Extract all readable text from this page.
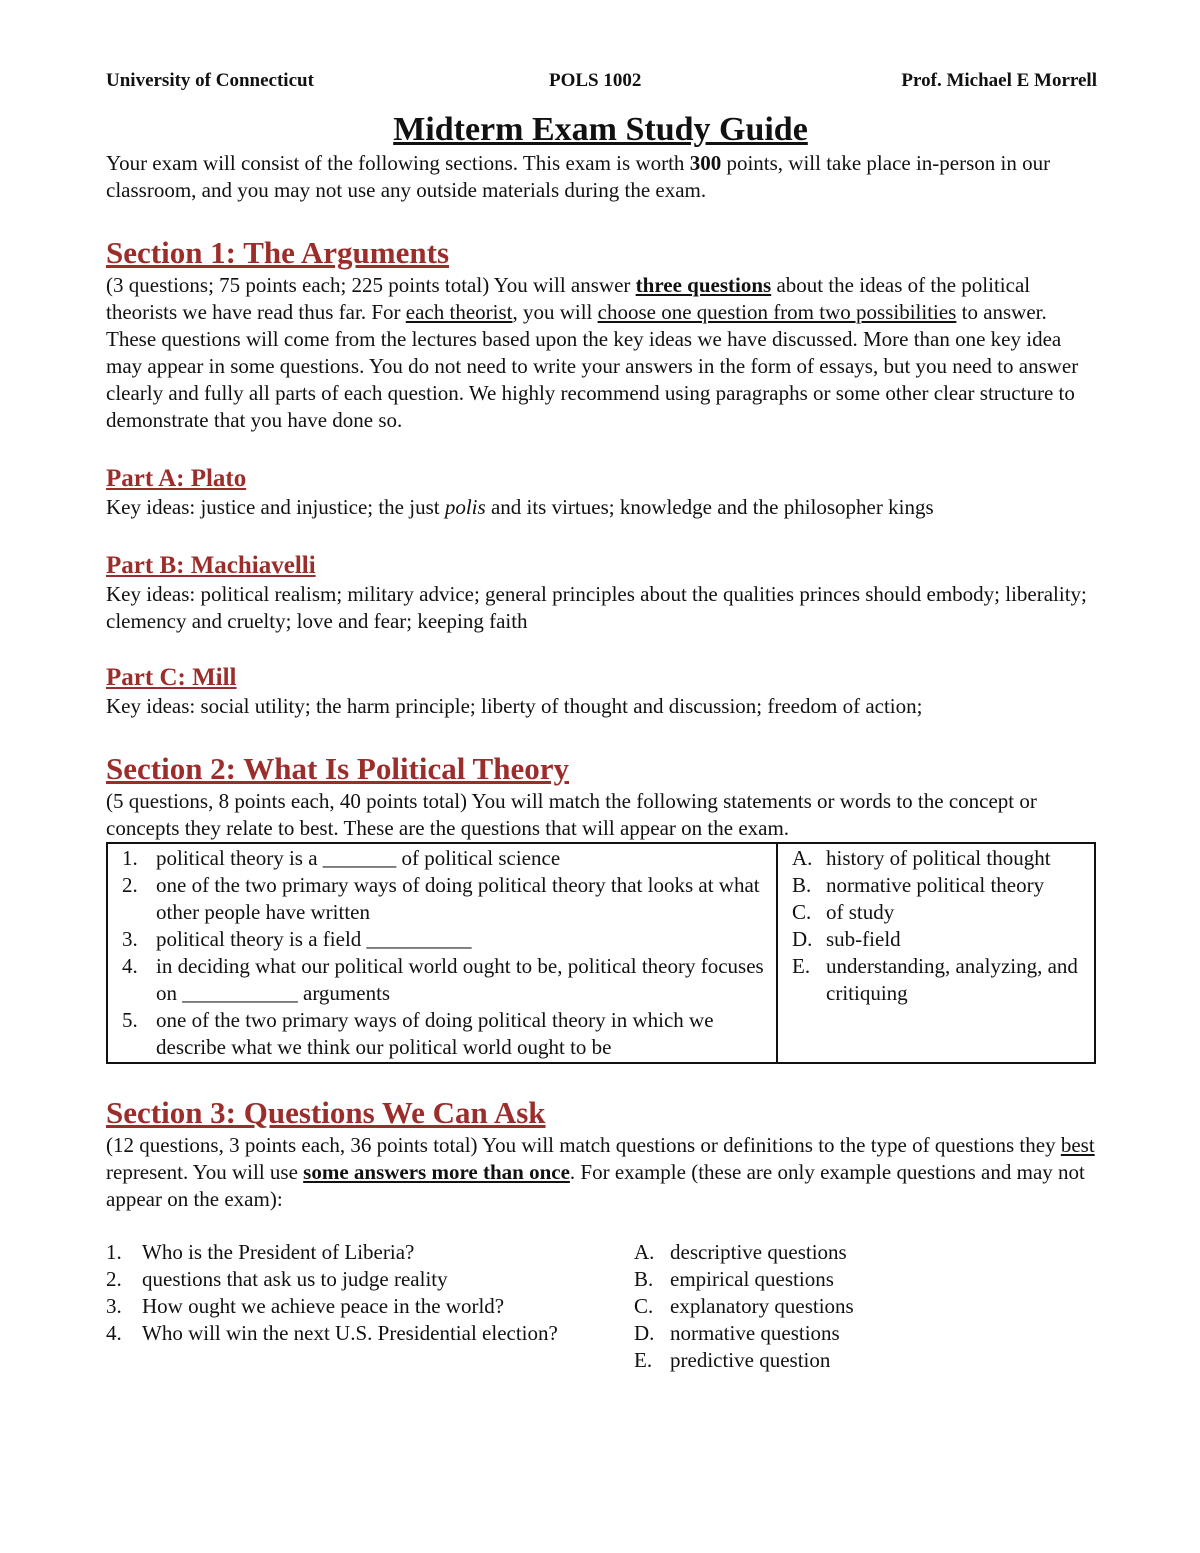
University of Connecticut	POLS 1002	Prof. Michael E Morrell
Midterm Exam Study Guide

Your exam will consist of the following sections. This exam is worth 300 points, will take place in-person in our classroom, and you may not use any outside materials during the exam.

Section 1: The Arguments

(3 questions; 75 points each; 225 points total) You will answer three questions about the ideas of the political theorists we have read thus far. For each theorist, you will choose one question from two possibilities to answer. These questions will come from the lectures based upon the key ideas we have discussed. More than one key idea may appear in some questions. You do not need to write your answers in the form of essays, but you need to answer clearly and fully all parts of each question. We highly recommend using paragraphs or some other clear structure to demonstrate that you have done so.

Part A: Plato

Key ideas: justice and injustice; the just polis and its virtues; knowledge and the philosopher kings

Part B: Machiavelli

Key ideas: political realism; military advice; general principles about the qualities princes should embody; liberality; clemency and cruelty; love and fear; keeping faith

Part C: Mill

Key ideas: social utility; the harm principle; liberty of thought and discussion; freedom of action;

Section 2: What Is Political Theory

(5 questions, 8 points each, 40 points total) You will match the following statements or words to the concept or concepts they relate to best. These are the questions that will appear on the exam.

1. political theory is a _______ of political science
2. one of the two primary ways of doing political theory that looks at what other people have written
3. political theory is a field __________
4. in deciding what our political world ought to be, political theory focuses on ___________ arguments
5. one of the two primary ways of doing political theory in which we describe what we think our political world ought to be

A. history of political thought
B. normative political theory
C. of study
D. sub-field
E. understanding, analyzing, and critiquing
Section 3: Questions We Can Ask

(12 questions, 3 points each, 36 points total) You will match questions or definitions to the type of questions they best represent. You will use some answers more than once. For example (these are only example questions and may not appear on the exam):

1. Who is the President of Liberia?
2. questions that ask us to judge reality
3. How ought we achieve peace in the world?
4. Who will win the next U.S. Presidential election?
A. descriptive questions
B. empirical questions
C. explanatory questions
D. normative questions
E. predictive question
